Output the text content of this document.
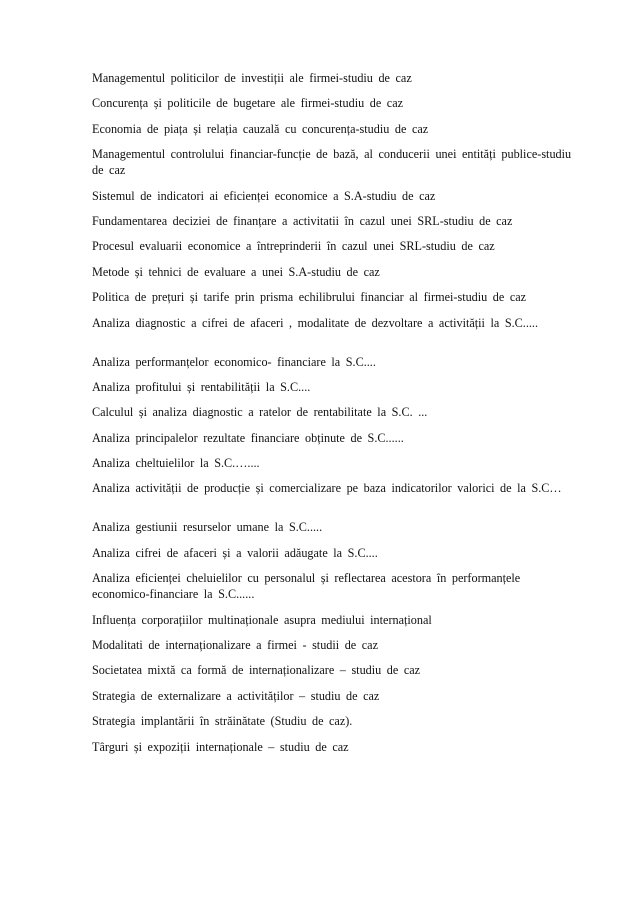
Managementul politicilor de investiții ale firmei-studiu de caz
Concurența și politicile de bugetare ale firmei-studiu de caz
Economia de piața și relația cauzală cu concurența-studiu de caz
Managementul controlului financiar-funcție de bază, al conducerii unei entități publice-studiu de caz
Sistemul de indicatori ai eficienței economice a S.A-studiu de caz
Fundamentarea deciziei de finanțare a activitatii în cazul unei SRL-studiu de caz
Procesul evaluarii economice a întreprinderii în cazul unei SRL-studiu de caz
Metode și tehnici de evaluare a unei S.A-studiu de caz
Politica de prețuri și tarife prin prisma echilibrului financiar al firmei-studiu de caz
Analiza diagnostic a cifrei de afaceri , modalitate de dezvoltare a activității la S.C.....
Analiza performanțelor economico- financiare la S.C....
Analiza profitului și rentabilității la S.C....
Calculul și analiza diagnostic a ratelor de rentabilitate la S.C. ...
Analiza principalelor rezultate financiare obținute de S.C......
Analiza cheltuielilor la S.C.…....
Analiza activității de producție și comercializare pe baza indicatorilor valorici de la S.C…
Analiza gestiunii resurselor umane la S.C.....
Analiza cifrei de afaceri și a valorii adăugate la S.C....
Analiza eficienței cheluielilor cu personalul și reflectarea acestora în performanțele economico-financiare la S.C......
Influența corporațiilor multinaționale asupra mediului internațional
Modalitati de internaționalizare a firmei - studii de caz
Societatea mixtă ca formă de internaționalizare – studiu de caz
Strategia de externalizare a activităților – studiu de caz
Strategia implantării în străinătate (Studiu de caz).
Târguri și expoziții internaționale – studiu de caz
